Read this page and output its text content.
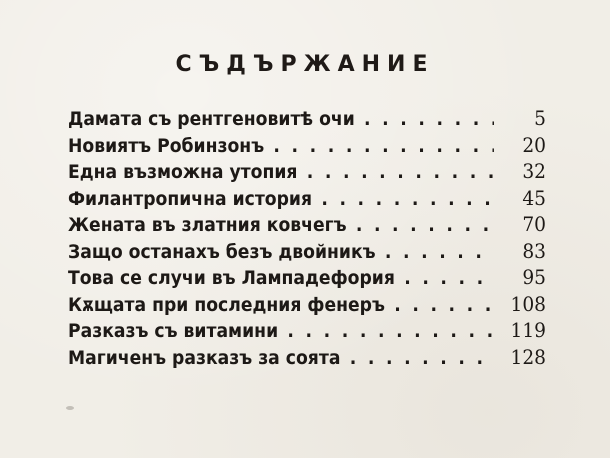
СЪДЪРЖАНИЕ
Дамата съ рентгеновитѣ очи . . .	5
Новиятъ Робинзонъ . . .	20
Една възможна утопия . . .	32
Филантропична история . . .	45
Жената въ златния ковчегъ . . .	70
Защо останахъ безъ двойникъ . . .	83
Това се случи въ Лампадефория . . .	95
Кѫщата при последния фенеръ . . .	108
Разказъ съ витамини . . .	119
Магиченъ разказъ за соята . . .	128
